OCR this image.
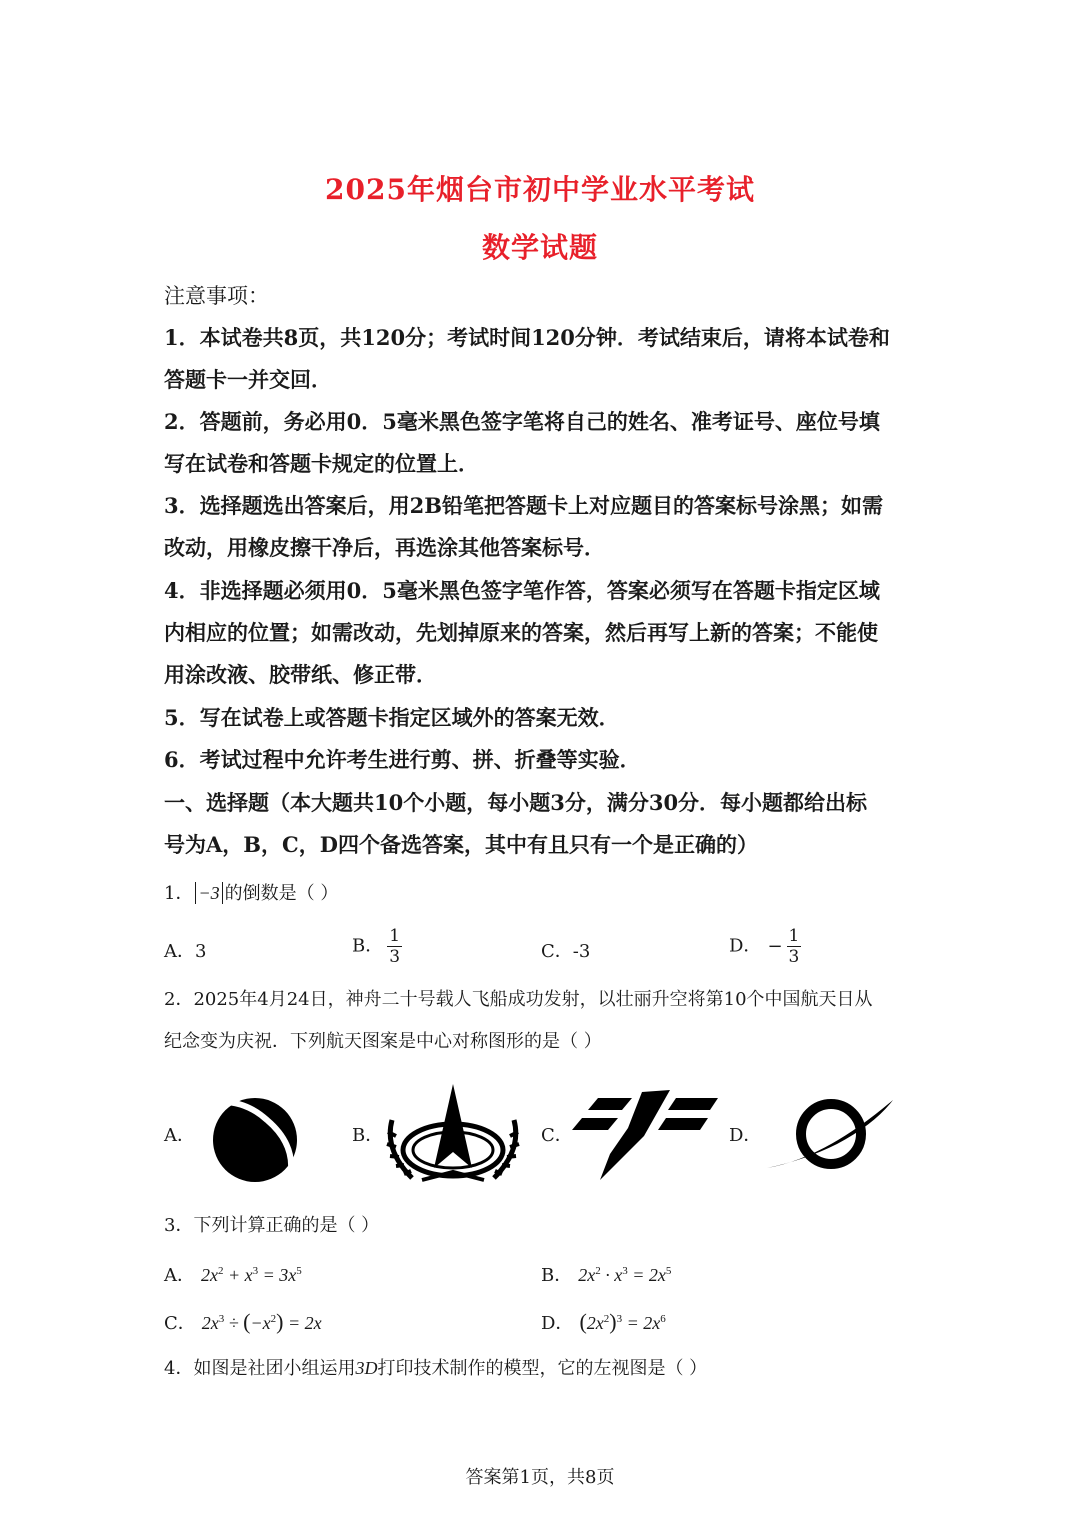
2025年烟台市初中学业水平考试
数学试题
注意事项：
1．本试卷共8页，共120分；考试时间120分钟．考试结束后，请将本试卷和
答题卡一并交回．
2．答题前，务必用0．5毫米黑色签字笔将自己的姓名、准考证号、座位号填
写在试卷和答题卡规定的位置上．
3．选择题选出答案后，用2B铅笔把答题卡上对应题目的答案标号涂黑；如需
改动，用橡皮擦干净后，再选涂其他答案标号．
4．非选择题必须用0．5毫米黑色签字笔作答，答案必须写在答题卡指定区域
内相应的位置；如需改动，先划掉原来的答案，然后再写上新的答案；不能使
用涂改液、胶带纸、修正带．
5．写在试卷上或答题卡指定区域外的答案无效．
6．考试过程中允许考生进行剪、拼、折叠等实验．
一、选择题（本大题共10个小题，每小题3分，满分30分．每小题都给出标
号为A，B，C，D四个备选答案，其中有且只有一个是正确的）
1． −3 的倒数是（ ）
A．3	B． $\frac{1}{3}$	C．-3	D． − $\frac{1}{3}$
2．2025年4月24日，神舟二十号载人飞船成功发射，以壮丽升空将第10个中国航天日从
纪念变为庆祝．下列航天图案是中心对称图形的是（ ）
A．	B．	C．	D．
3．下列计算正确的是（ ）
A． $2x^2 + x^3 = 3x^5$	B． $2x^2 \cdot x^3 = 2x^5$
C． $2x^3 \div (-x^2) = 2x$	D． $(2x^2)^3 = 2x^6$
4．如图是社团小组运用3D打印技术制作的模型，它的左视图是（ ）
答案第1页，共8页
